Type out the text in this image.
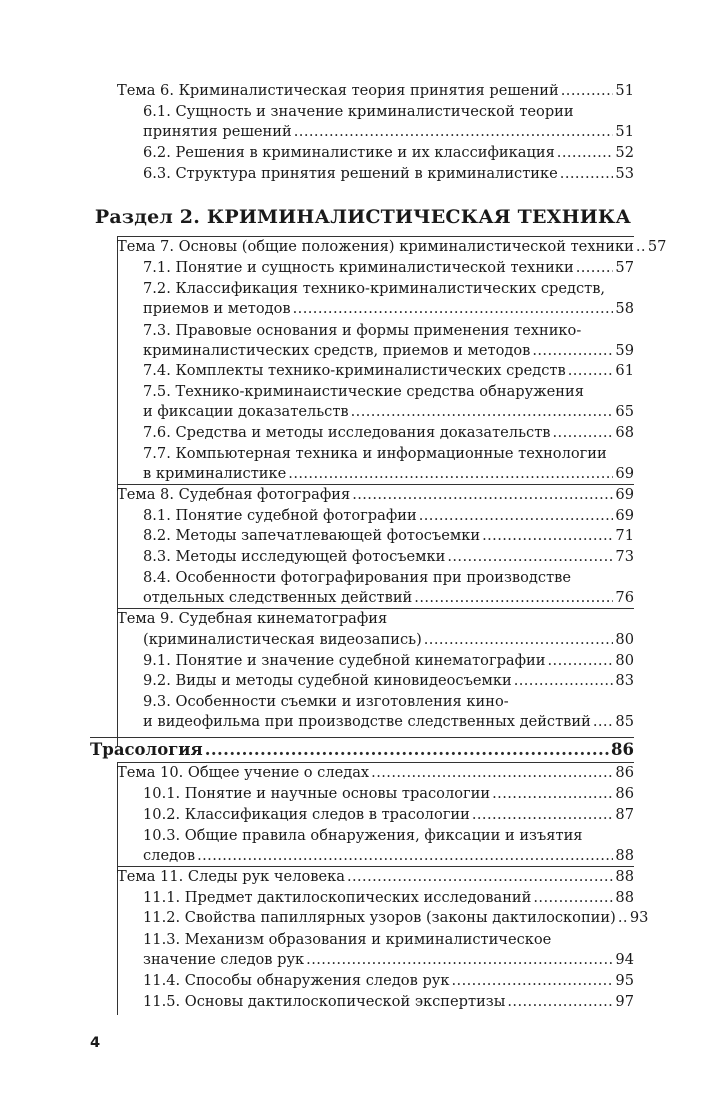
Тема 6. Криминалистическая теория принятия решений .....	51
6.1. Сущность и значение криминалистической теории
принятия решений .....	51
6.2. Решения в криминалистике и их классификация .....	52
6.3. Структура принятия решений в криминалистике .....	53
Раздел 2. КРИМИНАЛИСТИЧЕСКАЯ ТЕХНИКА
Тема 7. Основы (общие положения) криминалистической техники ..... 57
7.1. Понятие и сущность криминалистической техники .....	57
7.2. Классификация технико-криминалистических средств,
приемов и методов .....	58
7.3. Правовые основания и формы применения технико-
криминалистических средств, приемов и методов .....	59
7.4. Комплекты технико-криминалистических средств .....	61
7.5. Технико-криминаистические средства обнаружения
и фиксации доказательств .....	65
7.6. Средства и методы исследования доказательств .....	68
7.7. Компьютерная техника и информационные технологии
в криминалистике .....	69
Тема 8. Судебная фотография .....	69
8.1. Понятие судебной фотографии .....	69
8.2. Методы запечатлевающей фотосъемки .....	71
8.3. Методы исследующей фотосъемки .....	73
8.4. Особенности фотографирования при производстве
отдельных следственных действий .....	76
Тема 9. Судебная кинематография
(криминалистическая видеозапись) .....	80
9.1. Понятие и значение судебной кинематографии .....	80
9.2. Виды и методы судебной киновидеосъемки .....	83
9.3. Особенности съемки и изготовления кино-
и видеофильма при производстве следственных действий ..... 85
Трасология .....	86
Тема 10. Общее учение о следах .....	86
10.1. Понятие и научные основы трасологии .....	86
10.2. Классификация следов в трасологии .....	87
10.3. Общие правила обнаружения, фиксации и изъятия
следов .....	88
Тема 11. Следы рук человека .....	88
11.1. Предмет дактилоскопических исследований .....	88
11.2. Свойства папиллярных узоров (законы дактилоскопии) ..... 93
11.3. Механизм образования и криминалистическое
значение следов рук .....	94
11.4. Способы обнаружения следов рук .....	95
11.5. Основы дактилоскопической экспертизы .....	97
4
